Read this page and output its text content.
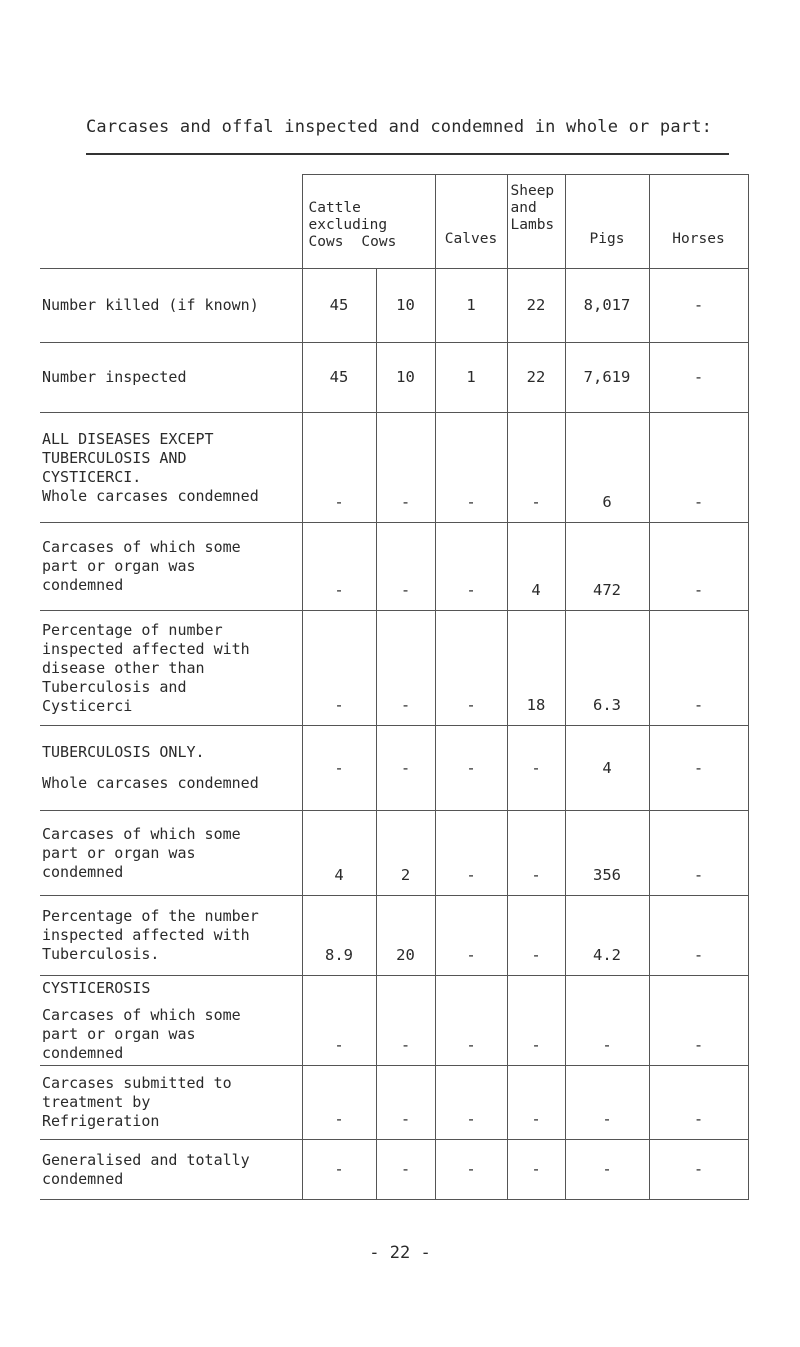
Carcases and offal inspected and condemned in whole or part:
	Cattle
excluding
Cows Cows		Calves	Sheep
and
Lambs	Pigs	Horses

Number killed (if known)	45	10	1	22	8,017	-

Number inspected	45	10	1	22	7,619	-

ALL DISEASES EXCEPT
TUBERCULOSIS AND
CYSTICERCI.
Whole carcases condemned	-	-	-	-	6	-

Carcases of which some
part or organ was
condemned	-	-	-	4	472	-

Percentage of number
inspected affected with
disease other than
Tuberculosis and
Cysticerci	-	-	-	18	6.3	-

TUBERCULOSIS ONLY.
Whole carcases condemned	-	-	-	-	4	-

Carcases of which some
part or organ was
condemned	4	2	-	-	356	-

Percentage of the number
inspected affected with
Tuberculosis.	8.9	20	-	-	4.2	-

CYSTICEROSIS
Carcases of which some
part or organ was
condemned	-	-	-	-	-	-

Carcases submitted to
treatment by
Refrigeration	-	-	-	-	-	-

Generalised and totally
condemned	-	-	-	-	-	-
- 22 -
